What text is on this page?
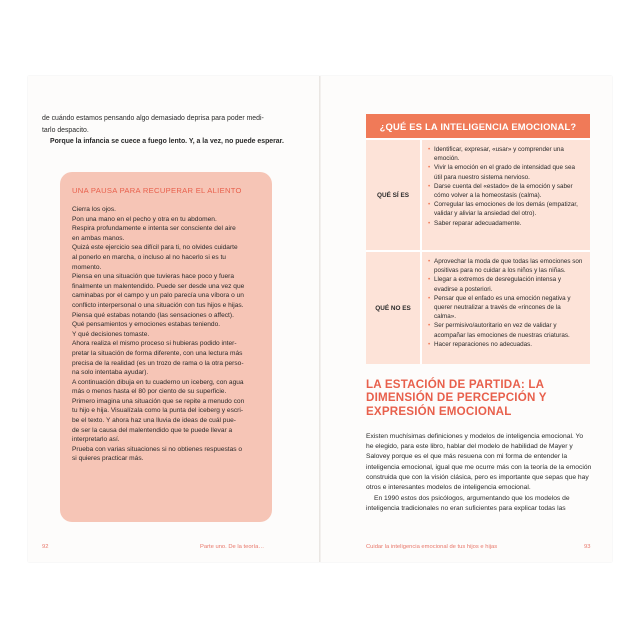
de cuándo estamos pensando algo demasiado deprisa para poder medi-

tarlo despacito.

Porque la infancia se cuece a fuego lento. Y, a la vez, no puede esperar.

UNA PAUSA PARA RECUPERAR EL ALIENTO

Cierra los ojos.

Pon una mano en el pecho y otra en tu abdomen.

Respira profundamente e intenta ser consciente del aire

en ambas manos.

Quizá este ejercicio sea difícil para ti, no olvides cuidarte

al ponerlo en marcha, o incluso al no hacerlo si es tu

momento.

Piensa en una situación que tuvieras hace poco y fuera

finalmente un malentendido. Puede ser desde una vez que

caminabas por el campo y un palo parecía una víbora o un

conflicto interpersonal o una situación con tus hijos e hijas.

Piensa qué estabas notando (las sensaciones o affect).

Qué pensamientos y emociones estabas teniendo.

Y qué decisiones tomaste.

Ahora realiza el mismo proceso si hubieras podido inter-

pretar la situación de forma diferente, con una lectura más

precisa de la realidad (es un trozo de rama o la otra perso-

na solo intentaba ayudar).

A continuación dibuja en tu cuaderno un iceberg, con agua

más o menos hasta el 80 por ciento de su superficie.

Primero imagina una situación que se repite a menudo con

tu hijo e hija. Visualízala como la punta del iceberg y escri-

be el texto. Y ahora haz una lluvia de ideas de cuál pue-

de ser la causa del malentendido que te puede llevar a

interpretarlo así.

Prueba con varias situaciones si no obtienes respuestas o

si quieres practicar más.

92	Parte uno. De la teoría…
¿QUÉ ES LA INTELIGENCIA EMOCIONAL?
QUÉ SÍ ES
• Identificar, expresar, «usar» y comprender una emoción.
• Vivir la emoción en el grado de intensidad que sea útil para nuestro sistema nervioso.
• Darse cuenta del «estado» de la emoción y saber cómo volver a la homeostasis (calma).
• Corregular las emociones de los demás (empatizar, validar y aliviar la ansiedad del otro).
• Saber reparar adecuadamente.
QUÉ NO ES
• Aprovechar la moda de que todas las emociones son positivas para no cuidar a los niños y las niñas.
• Llegar a extremos de desregulación intensa y evadirse a posteriori.
• Pensar que el enfado es una emoción negativa y querer neutralizar a través de «rincones de la calma».
• Ser permisivo/autoritario en vez de validar y acompañar las emociones de nuestras criaturas.
• Hacer reparaciones no adecuadas.
LA ESTACIÓN DE PARTIDA: LA DIMENSIÓN DE PERCEPCIÓN Y EXPRESIÓN EMOCIONAL

Existen muchísimas definiciones y modelos de inteligencia emocional. Yo he elegido, para este libro, hablar del modelo de habilidad de Mayer y Salovey porque es el que más resuena con mi forma de entender la inteligencia emocional, igual que me ocurre más con la teoría de la emoción construida que con la visión clásica, pero es importante que sepas que hay otros e interesantes modelos de inteligencia emocional.

En 1990 estos dos psicólogos, argumentando que los modelos de inteligencia tradicionales no eran suficientes para explicar todas las

Cuidar la inteligencia emocional de tus hijos e hijas	93
